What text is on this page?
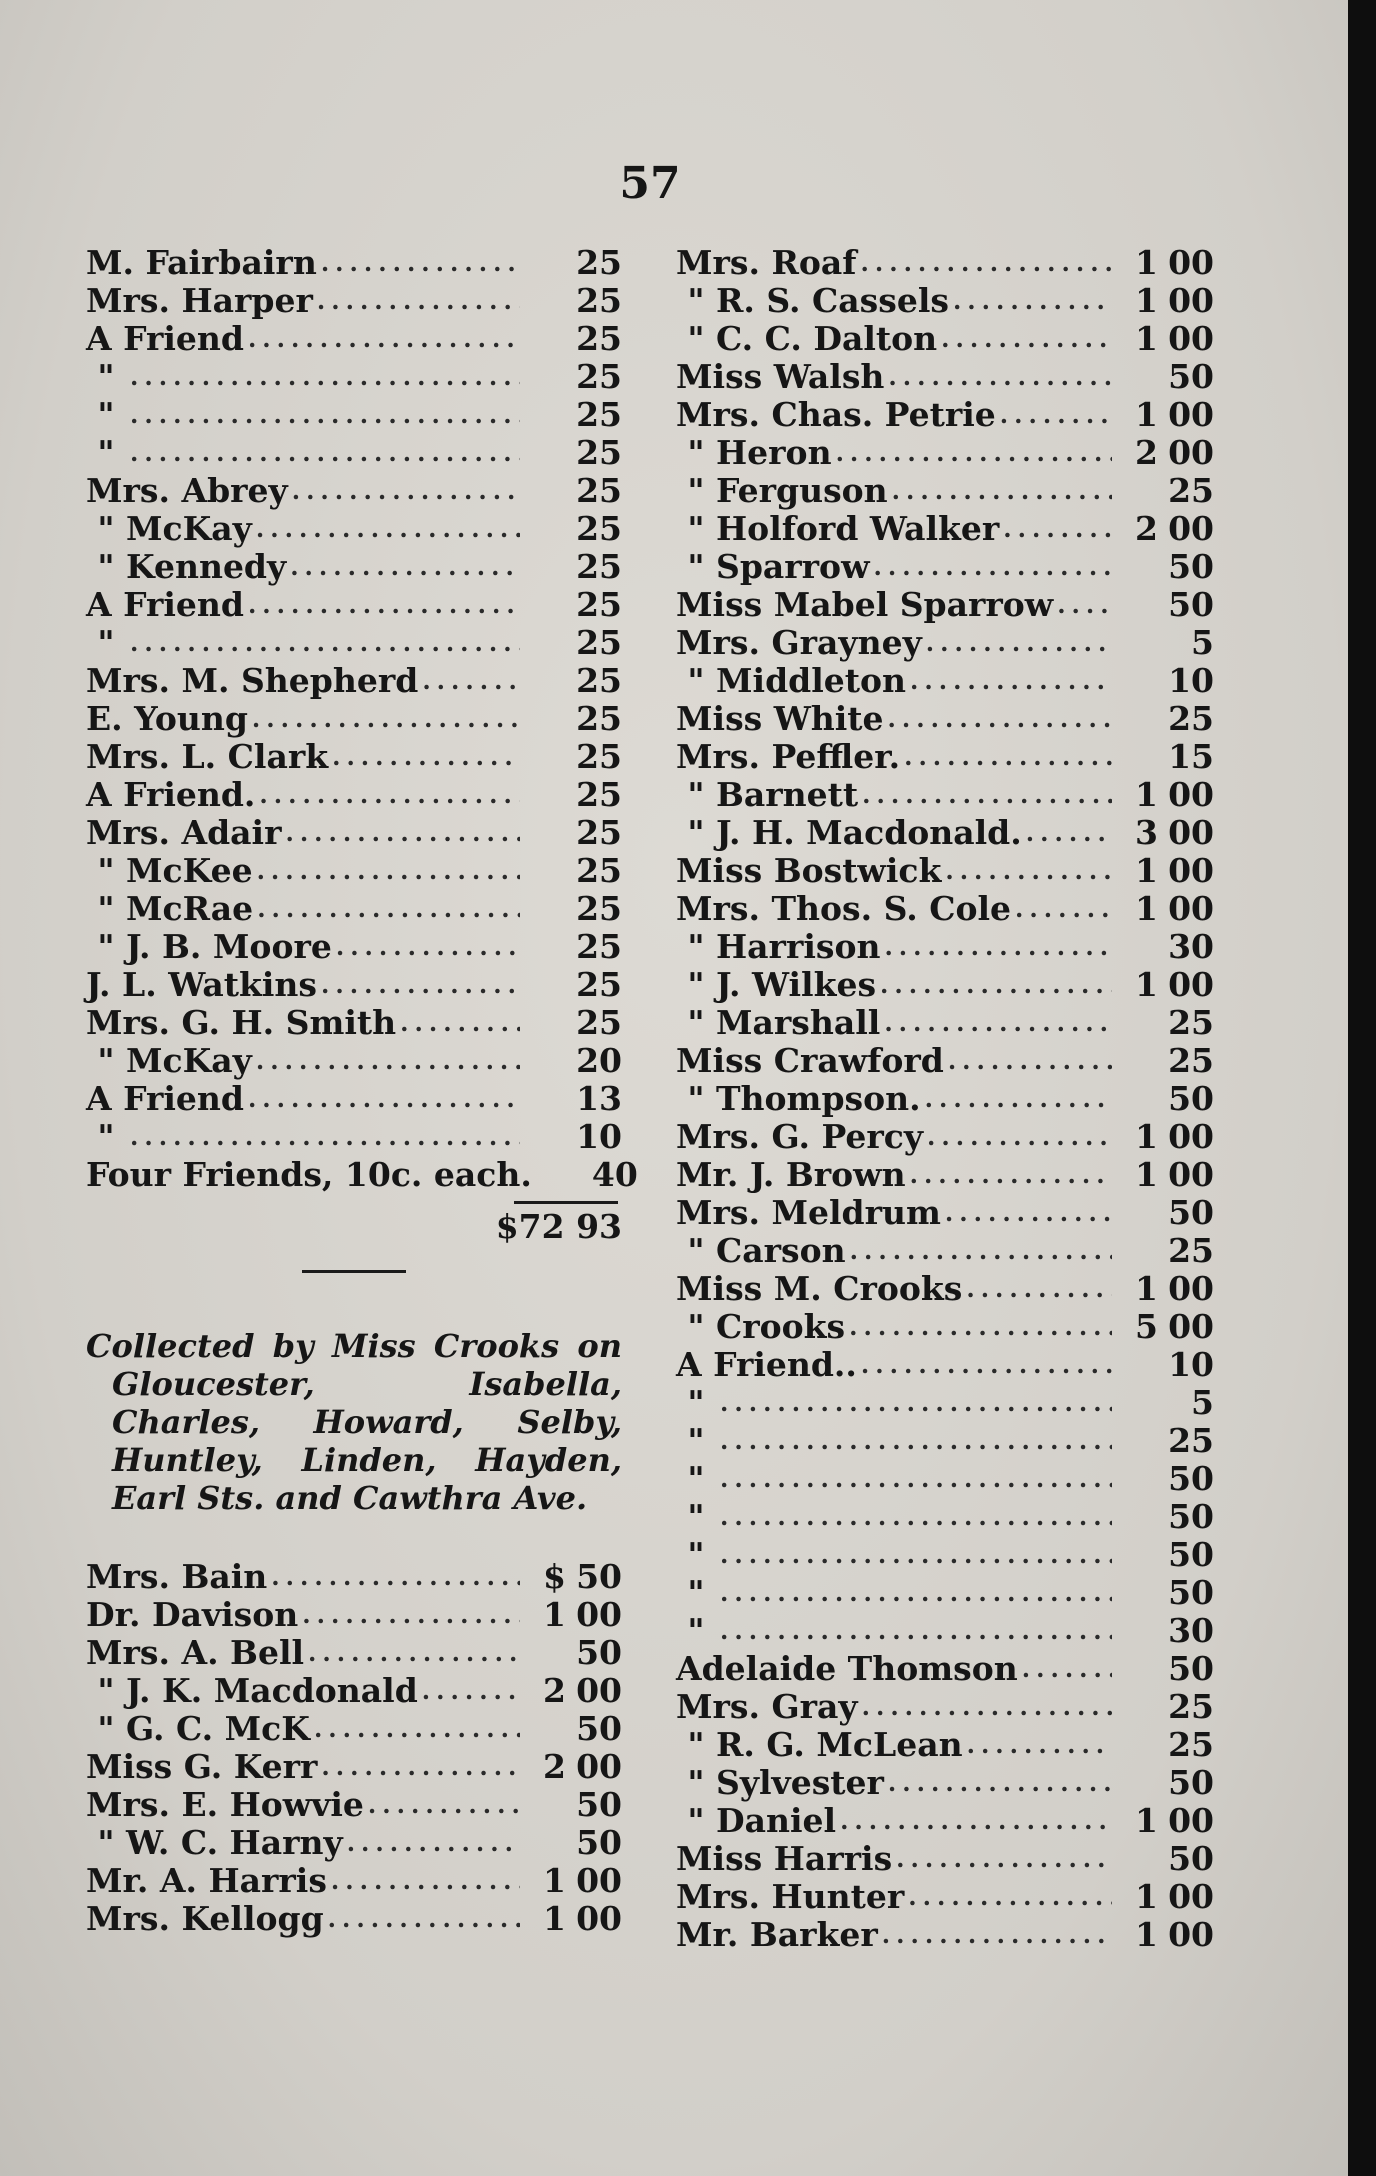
57
M. Fairbairn .....	25
Mrs. Harper .....	25
A Friend .....	25
" .....	25
" .....	25
" .....	25
Mrs. Abrey .....	25
" McKay .....	25
" Kennedy .....	25
A Friend .....	25
" .....	25
Mrs. M. Shepherd .....	25
E. Young .....	25
Mrs. L. Clark .....	25
A Friend. .....	25
Mrs. Adair .....	25
" McKee .....	25
" McRae .....	25
" J. B. Moore .....	25
J. L. Watkins .....	25
Mrs. G. H. Smith .....	25
" McKay .....	20
A Friend .....	13
" .....	10
Four Friends, 10c. each.	40
$72 93
Collected by Miss Crooks on Gloucester, Isabella, Charles, Howard, Selby, Huntley, Linden, Hayden, Earl Sts. and Cawthra Ave.
Mrs. Bain .....	$ 50
Dr. Davison .....	1 00
Mrs. A. Bell .....	50
" J. K. Macdonald .....	2 00
" G. C. McK .....	50
Miss G. Kerr .....	2 00
Mrs. E. Howvie .....	50
" W. C. Harny .....	50
Mr. A. Harris .....	1 00
Mrs. Kellogg .....	1 00
Mrs. Roaf .....	1 00
" R. S. Cassels .....	1 00
" C. C. Dalton .....	1 00
Miss Walsh .....	50
Mrs. Chas. Petrie .....	1 00
" Heron .....	2 00
" Ferguson .....	25
" Holford Walker .....	2 00
" Sparrow .....	50
Miss Mabel Sparrow .....	50
Mrs. Grayney .....	5
" Middleton .....	10
Miss White .....	25
Mrs. Peffler. .....	15
" Barnett .....	1 00
" J. H. Macdonald. .....	3 00
Miss Bostwick .....	1 00
Mrs. Thos. S. Cole .....	1 00
" Harrison .....	30
" J. Wilkes .....	1 00
" Marshall .....	25
Miss Crawford .....	25
" Thompson. .....	50
Mrs. G. Percy .....	1 00
Mr. J. Brown .....	1 00
Mrs. Meldrum .....	50
" Carson .....	25
Miss M. Crooks .....	1 00
" Crooks .....	5 00
A Friend.. .....	10
" .....	5
" .....	25
" .....	50
" .....	50
" .....	50
" .....	50
" .....	30
Adelaide Thomson .....	50
Mrs. Gray .....	25
" R. G. McLean .....	25
" Sylvester .....	50
" Daniel .....	1 00
Miss Harris .....	50
Mrs. Hunter .....	1 00
Mr. Barker .....	1 00
